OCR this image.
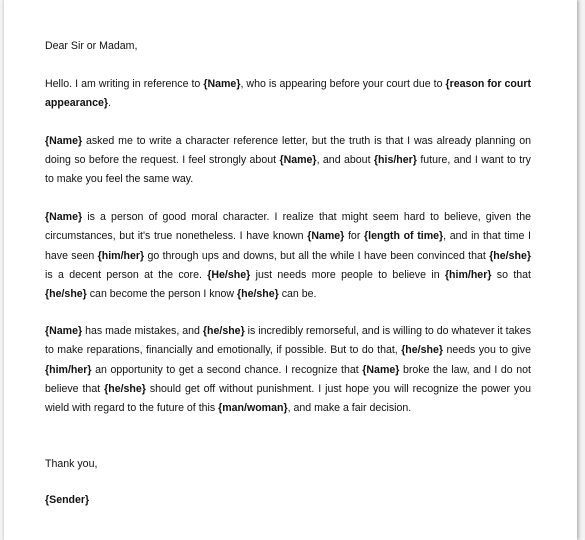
Dear Sir or Madam,

Hello. I am writing in reference to {Name}, who is appearing before your court due to {reason for court appearance}.

{Name} asked me to write a character reference letter, but the truth is that I was already planning on doing so before the request. I feel strongly about {Name}, and about {his/her} future, and I want to try to make you feel the same way.

{Name} is a person of good moral character. I realize that might seem hard to believe, given the circumstances, but it's true nonetheless. I have known {Name} for {length of time}, and in that time I have seen {him/her} go through ups and downs, but all the while I have been convinced that {he/she} is a decent person at the core. {He/she} just needs more people to believe in {him/her} so that {he/she} can become the person I know {he/she} can be.

{Name} has made mistakes, and {he/she} is incredibly remorseful, and is willing to do whatever it takes to make reparations, financially and emotionally, if possible. But to do that, {he/she} needs you to give {him/her} an opportunity to get a second chance. I recognize that {Name} broke the law, and I do not believe that {he/she} should get off without punishment. I just hope you will recognize the power you wield with regard to the future of this {man/woman}, and make a fair decision.

Thank you,

{Sender}
